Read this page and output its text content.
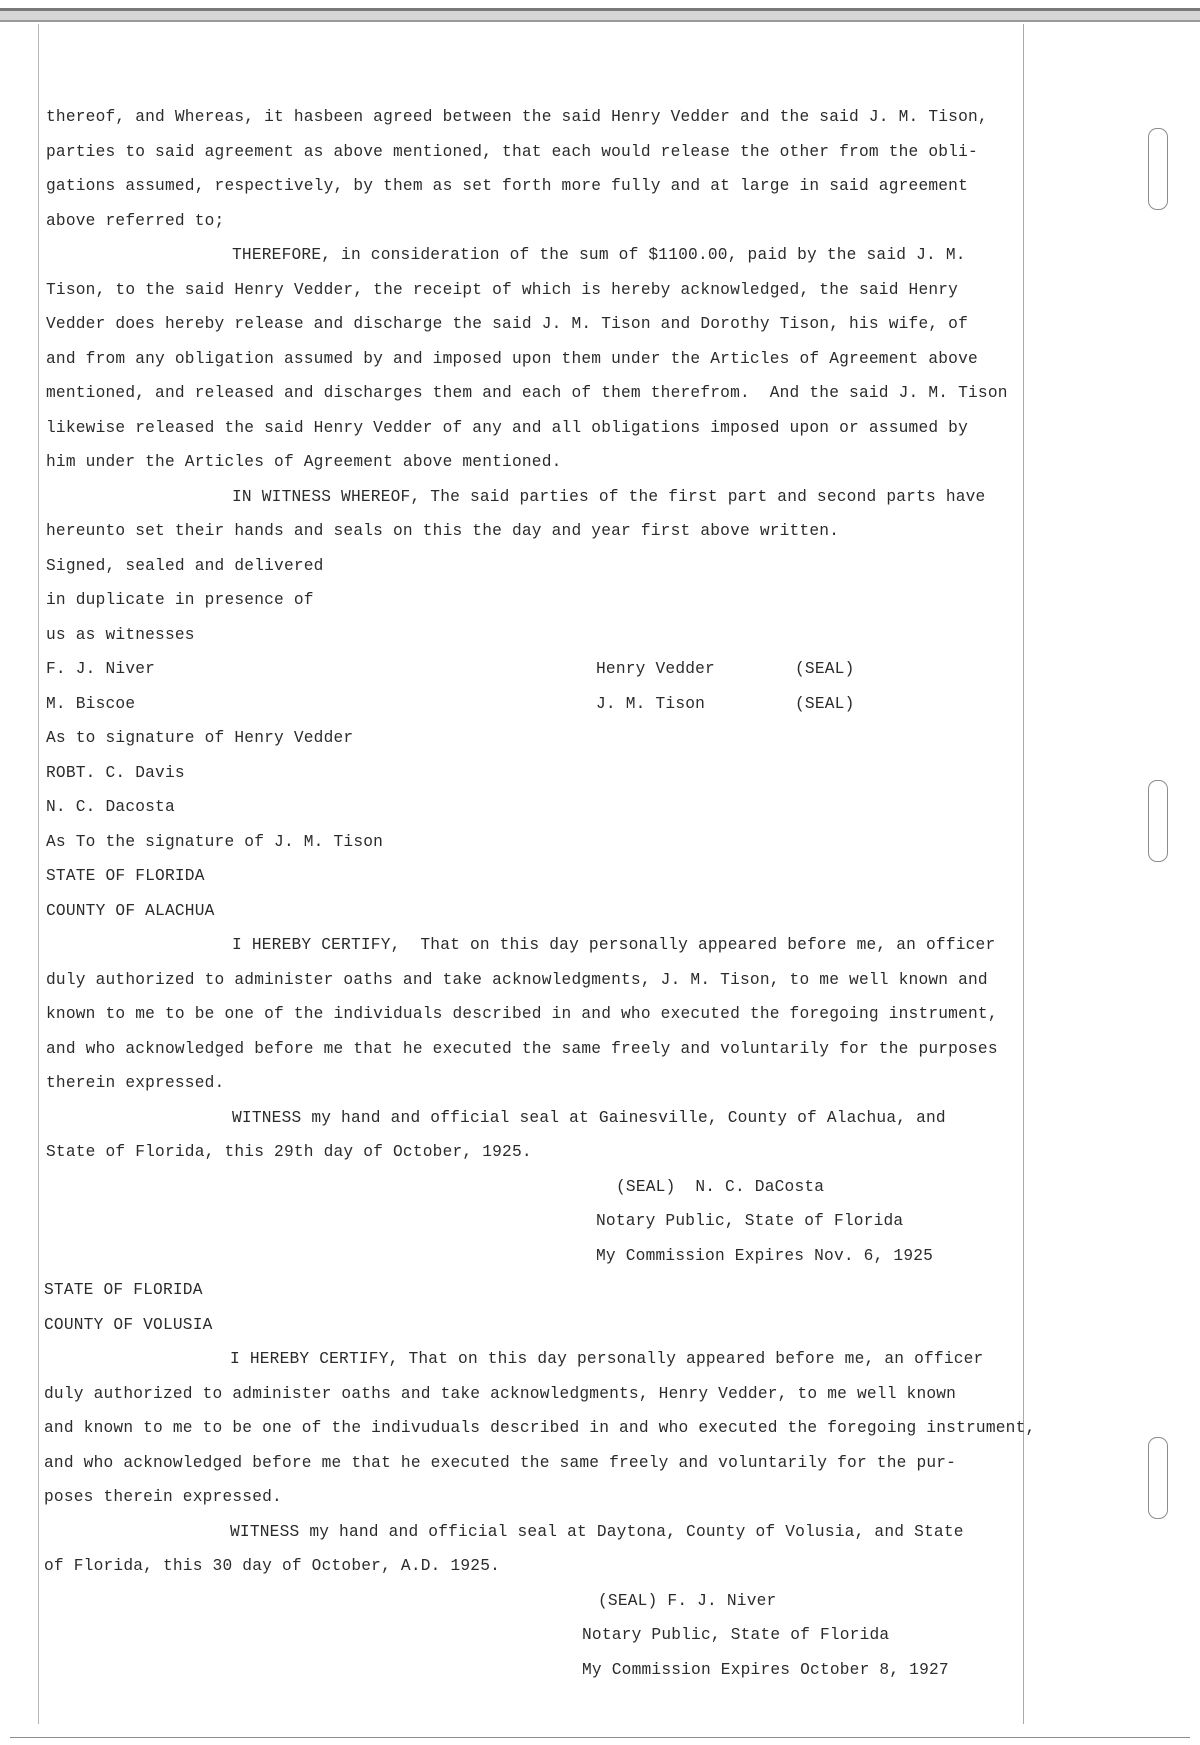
thereof, and Whereas, it hasbeen agreed between the said Henry Vedder and the said J. M. Tison,
parties to said agreement as above mentioned, that each would release the other from the obli-
gations assumed, respectively, by them as set forth more fully and at large in said agreement
above referred to;
THEREFORE, in consideration of the sum of $1100.00, paid by the said J. M.
Tison, to the said Henry Vedder, the receipt of which is hereby acknowledged, the said Henry
Vedder does hereby release and discharge the said J. M. Tison and Dorothy Tison, his wife, of
and from any obligation assumed by and imposed upon them under the Articles of Agreement above
mentioned, and released and discharges them and each of them therefrom.  And the said J. M. Tison
likewise released the said Henry Vedder of any and all obligations imposed upon or assumed by
him under the Articles of Agreement above mentioned.
IN WITNESS WHEREOF, The said parties of the first part and second parts have
hereunto set their hands and seals on this the day and year first above written.
Signed, sealed and delivered
in duplicate in presence of
us as witnesses
F. J. Niver	Henry Vedder	(SEAL)
M. Biscoe	J. M. Tison	(SEAL)
As to signature of Henry Vedder
ROBT. C. Davis
N. C. Dacosta
As To the signature of J. M. Tison
STATE OF FLORIDA
COUNTY OF ALACHUA
I HEREBY CERTIFY,  That on this day personally appeared before me, an officer
duly authorized to administer oaths and take acknowledgments, J. M. Tison, to me well known and
known to me to be one of the individuals described in and who executed the foregoing instrument,
and who acknowledged before me that he executed the same freely and voluntarily for the purposes
therein expressed.
WITNESS my hand and official seal at Gainesville, County of Alachua, and
State of Florida, this 29th day of October, 1925.
(SEAL)  N. C. DaCosta
Notary Public, State of Florida
My Commission Expires Nov. 6, 1925
STATE OF FLORIDA
COUNTY OF VOLUSIA
I HEREBY CERTIFY, That on this day personally appeared before me, an officer
duly authorized to administer oaths and take acknowledgments, Henry Vedder, to me well known
and known to me to be one of the indivuduals described in and who executed the foregoing instrument,
and who acknowledged before me that he executed the same freely and voluntarily for the pur-
poses therein expressed.
WITNESS my hand and official seal at Daytona, County of Volusia, and State
of Florida, this 30 day of October, A.D. 1925.
(SEAL) F. J. Niver
Notary Public, State of Florida
My Commission Expires October 8, 1927
